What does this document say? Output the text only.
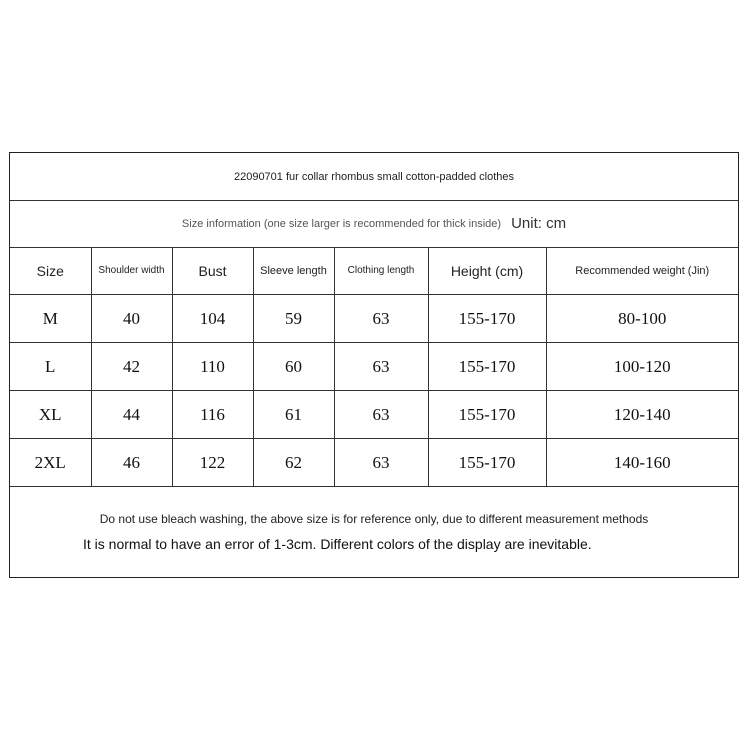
22090701 fur collar rhombus small cotton-padded clothes
Size information (one size larger is recommended for thick inside) Unit: cm
Size	Shoulder width	Bust	Sleeve length	Clothing length	Height (cm)	Recommended weight (Jin)
M	40	104	59	63	155-170	80-100
L	42	110	60	63	155-170	100-120
XL	44	116	61	63	155-170	120-140
2XL	46	122	62	63	155-170	140-160
Do not use bleach washing, the above size is for reference only, due to different measurement methods
It is normal to have an error of 1-3cm. Different colors of the display are inevitable.
